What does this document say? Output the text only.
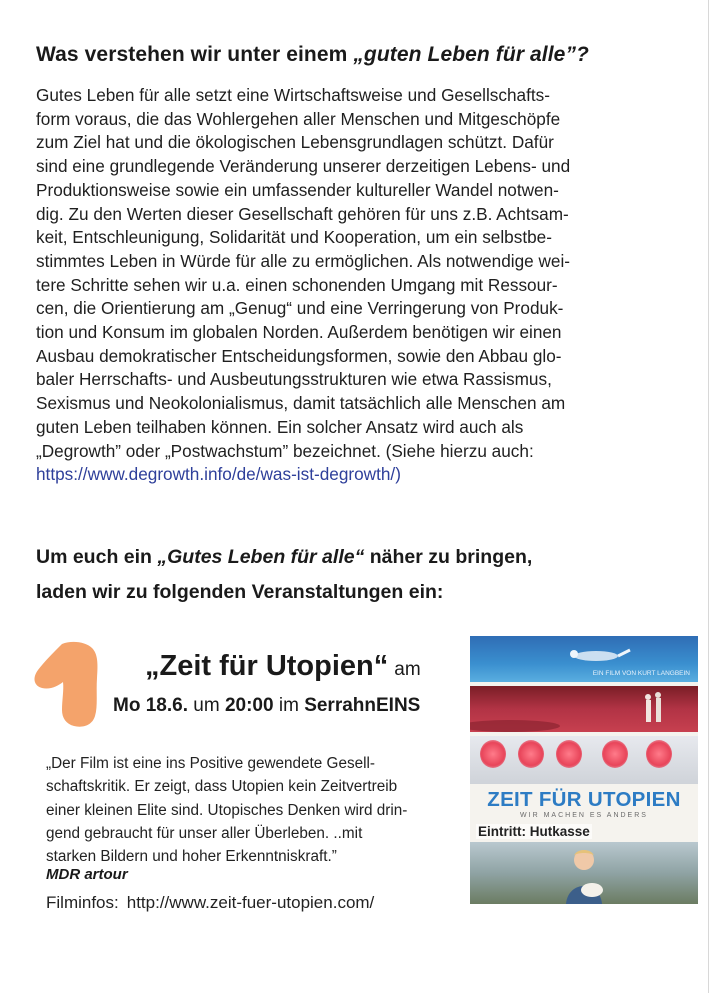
Was verstehen wir unter einem „guten Leben für alle”?
Gutes Leben für alle setzt eine Wirtschaftsweise und Gesellschafts-
form voraus, die das Wohlergehen aller Menschen und Mitgeschöpfe
zum Ziel hat und die ökologischen Lebensgrundlagen schützt. Dafür
sind eine grundlegende Veränderung unserer derzeitigen Lebens- und
Produktionsweise sowie ein umfassender kultureller Wandel notwen-
dig. Zu den Werten dieser Gesellschaft gehören für uns z.B. Achtsam-
keit, Entschleunigung, Solidarität und Kooperation, um ein selbstbe-
stimmtes Leben in Würde für alle zu ermöglichen. Als notwendige wei-
tere Schritte sehen wir u.a. einen schonenden Umgang mit Ressour-
cen, die Orientierung am „Genug“ und eine Verringerung von Produk-
tion und Konsum im globalen Norden. Außerdem benötigen wir einen
Ausbau demokratischer Entscheidungsformen, sowie den Abbau glo-
baler Herrschafts- und Ausbeutungsstrukturen wie etwa Rassismus,
Sexismus und Neokolonialismus, damit tatsächlich alle Menschen am
guten Leben teilhaben können. Ein solcher Ansatz wird auch als
„Degrowth” oder „Postwachstum” bezeichnet. (Siehe hierzu auch:
https://www.degrowth.info/de/was-ist-degrowth/)
Um euch ein „Gutes Leben für alle“ näher zu bringen,
laden wir zu folgenden Veranstaltungen ein:
„Zeit für Utopien“ am
Mo 18.6. um 20:00 im SerrahnEINS
„Der Film ist eine ins Positive gewendete Gesell-
schaftskritik. Er zeigt, dass Utopien kein Zeitvertreib
einer kleinen Elite sind. Utopisches Denken wird drin-
gend gebraucht für unser aller Überleben. ..mit
starken Bildern und hoher Erkenntniskraft.”
MDR artour
Filminfos: http://www.zeit-fuer-utopien.com/
EIN FILM VON KURT LANGBEIN
ZEIT FÜR UTOPIEN
WIR MACHEN ES ANDERS
Eintritt: Hutkasse
